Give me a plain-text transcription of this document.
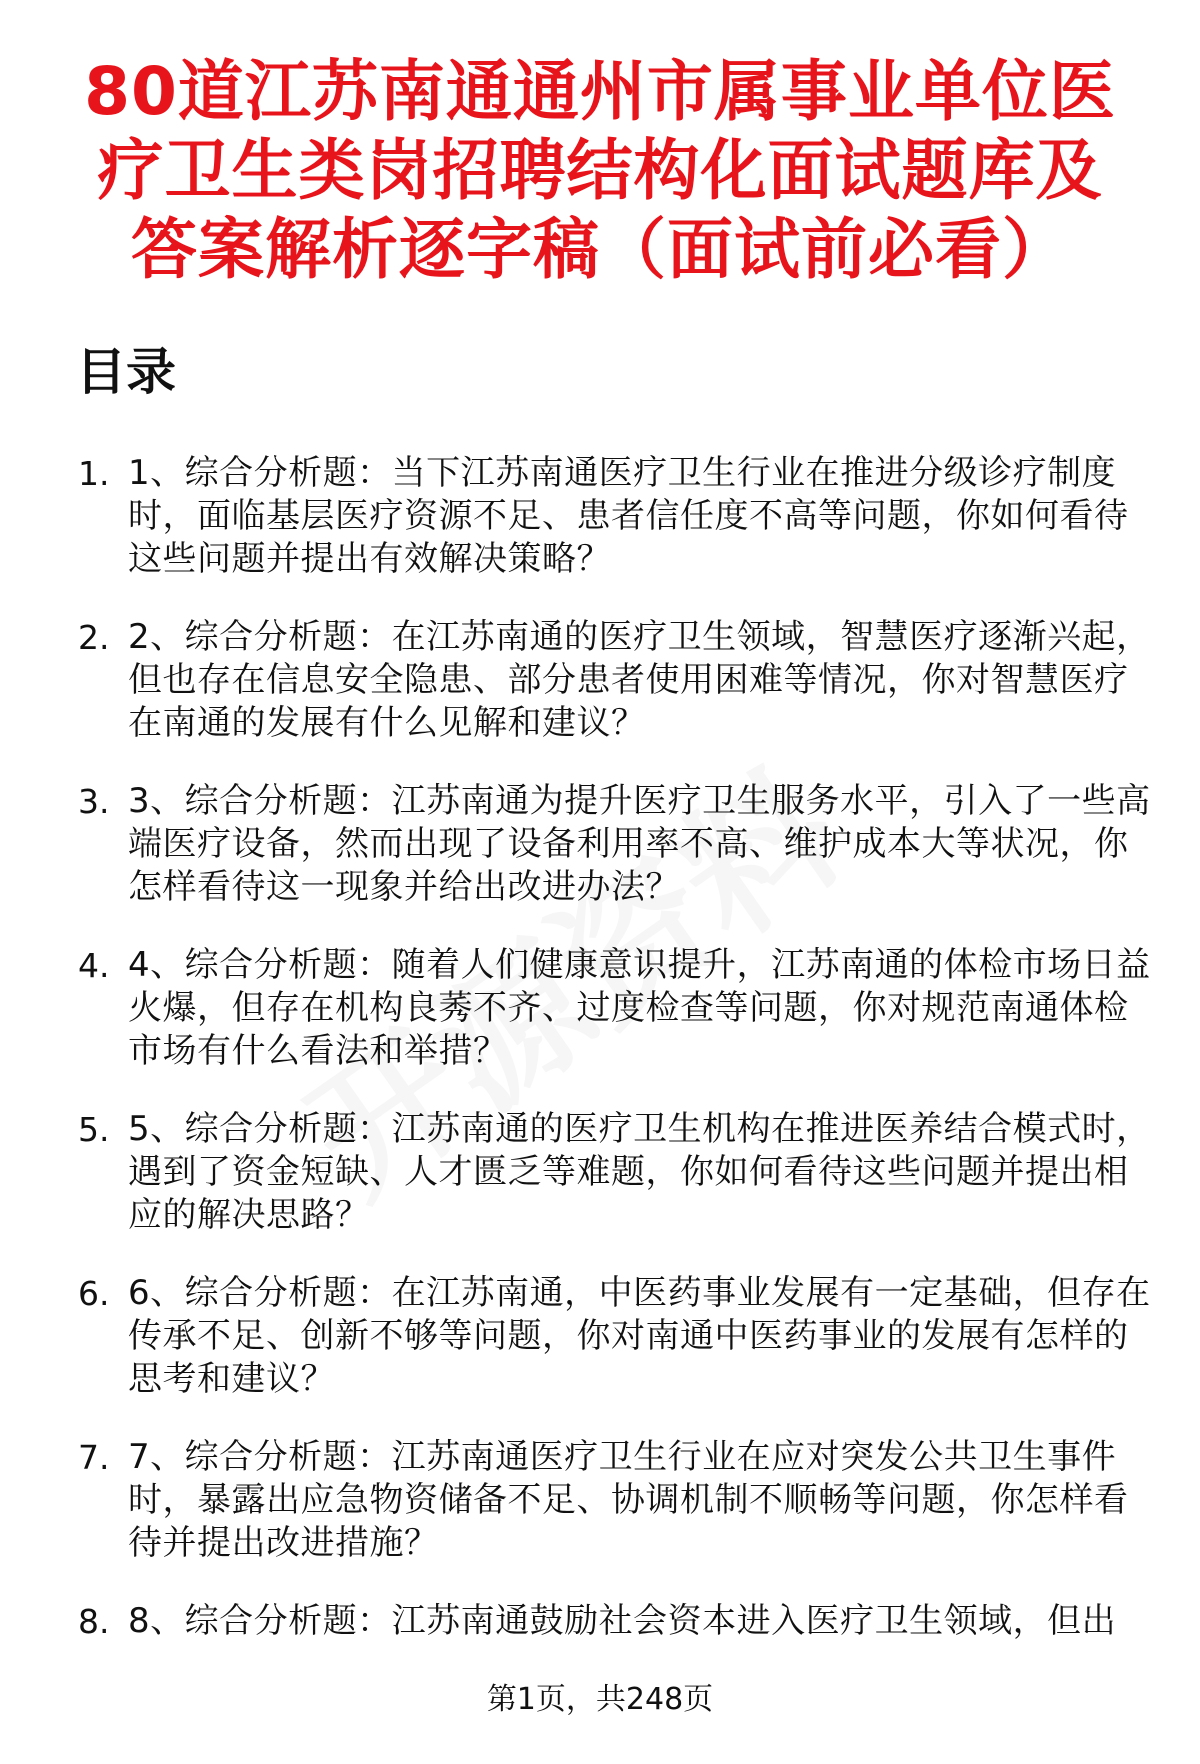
80道江苏南通通州市属事业单位医
疗卫生类岗招聘结构化面试题库及
答案解析逐字稿（面试前必看）
目录
1. 1、综合分析题：当下江苏南通医疗卫生行业在推进分级诊疗制度时，面临基层医疗资源不足、患者信任度不高等问题，你如何看待这些问题并提出有效解决策略？
2. 2、综合分析题：在江苏南通的医疗卫生领域，智慧医疗逐渐兴起，但也存在信息安全隐患、部分患者使用困难等情况，你对智慧医疗在南通的发展有什么见解和建议？
3. 3、综合分析题：江苏南通为提升医疗卫生服务水平，引入了一些高端医疗设备，然而出现了设备利用率不高、维护成本大等状况，你怎样看待这一现象并给出改进办法？
4. 4、综合分析题：随着人们健康意识提升，江苏南通的体检市场日益火爆，但存在机构良莠不齐、过度检查等问题，你对规范南通体检市场有什么看法和举措？
5. 5、综合分析题：江苏南通的医疗卫生机构在推进医养结合模式时，遇到了资金短缺、人才匮乏等难题，你如何看待这些问题并提出相应的解决思路？
6. 6、综合分析题：在江苏南通，中医药事业发展有一定基础，但存在传承不足、创新不够等问题，你对南通中医药事业的发展有怎样的思考和建议？
7. 7、综合分析题：江苏南通医疗卫生行业在应对突发公共卫生事件时，暴露出应急物资储备不足、协调机制不顺畅等问题，你怎样看待并提出改进措施？
8. 8、综合分析题：江苏南通鼓励社会资本进入医疗卫生领域，但出
第1页，共248页
